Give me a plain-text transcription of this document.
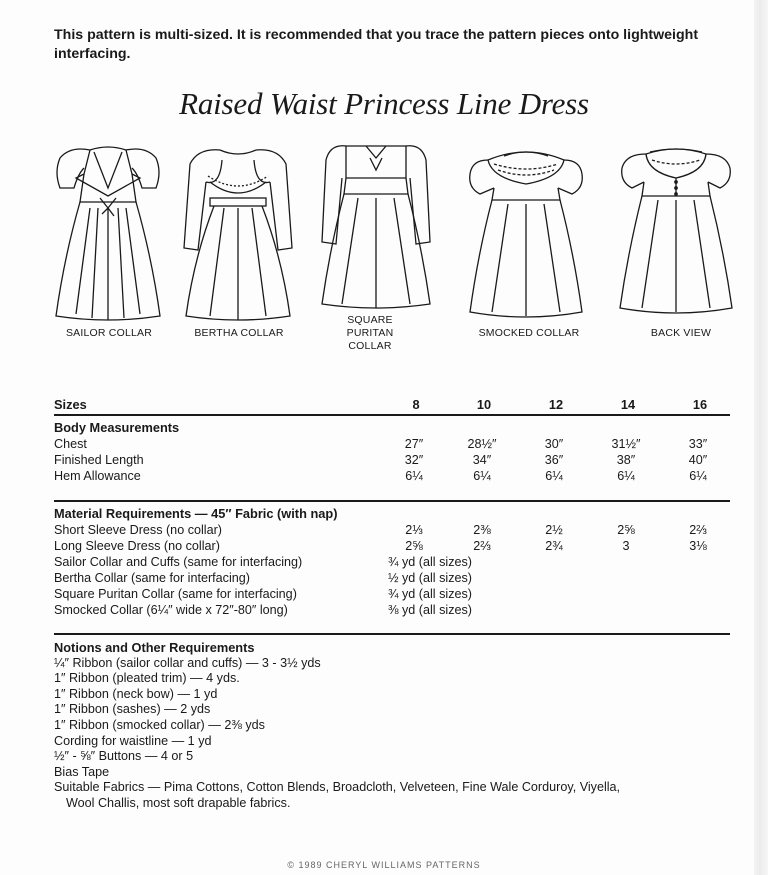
This pattern is multi-sized. It is recommended that you trace the pattern pieces onto lightweight interfacing.
Raised Waist Princess Line Dress
SAILOR COLLAR	BERTHA COLLAR
SQUARE PURITAN COLLAR
SMOCKED COLLAR	BACK VIEW
Sizes	8	10	12	14	16
Body Measurements
Chest	27″	28½″	30″	31½″	33″
Finished Length	32″	34″	36″	38″	40″
Hem Allowance	6¼	6¼	6¼	6¼	6¼
Material Requirements — 45″ Fabric (with nap)
Short Sleeve Dress (no collar)	2⅓	2⅜	2½	2⅝	2⅔
Long Sleeve Dress (no collar)	2⅝	2⅔	2¾	3	3⅛
Sailor Collar and Cuffs (same for interfacing)	¾ yd (all sizes)
Bertha Collar (same for interfacing)	½ yd (all sizes)
Square Puritan Collar (same for interfacing)	¾ yd (all sizes)
Smocked Collar (6¼″ wide x 72″-80″ long)	⅜ yd (all sizes)
Notions and Other Requirements
¼″ Ribbon (sailor collar and cuffs) — 3 - 3½ yds
1″ Ribbon (pleated trim) — 4 yds.
1″ Ribbon (neck bow) — 1 yd
1″ Ribbon (sashes) — 2 yds
1″ Ribbon (smocked collar) — 2⅜ yds
Cording for waistline — 1 yd
½″ - ⅝″ Buttons — 4 or 5
Bias Tape
Suitable Fabrics — Pima Cottons, Cotton Blends, Broadcloth, Velveteen, Fine Wale Corduroy, Viyella,
Wool Challis, most soft drapable fabrics.
© 1989 CHERYL WILLIAMS PATTERNS
